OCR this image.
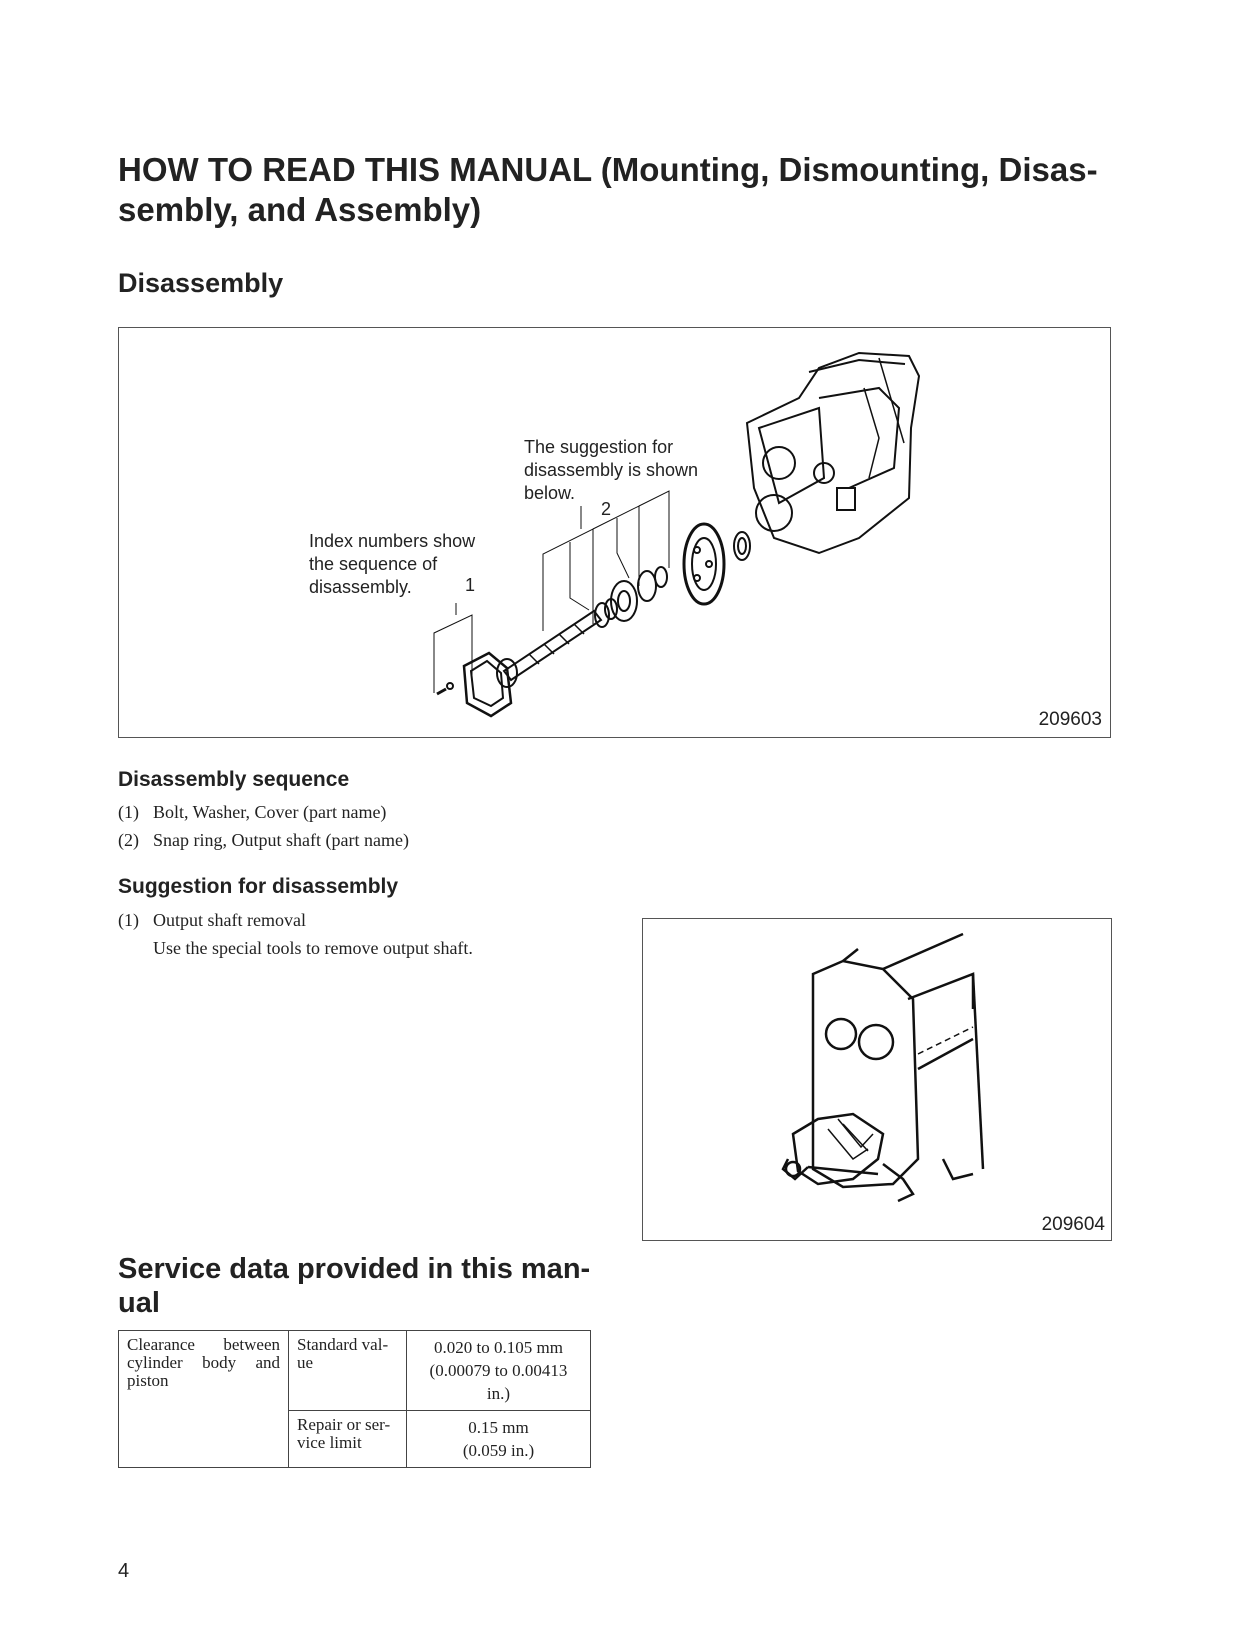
HOW TO READ THIS MANUAL (Mounting, Dismounting, Disas-
sembly, and Assembly)
Disassembly
The suggestion for
disassembly is shown
below.
Index numbers show
the sequence of
disassembly.	1
2
209603
Disassembly sequence
(1) Bolt, Washer, Cover (part name)
(2) Snap ring, Output shaft (part name)
Suggestion for disassembly
(1) Output shaft removal
Use the special tools to remove output shaft.
209604
Service data provided in this man-
ual
Clearance between cylinder body and piston	Standard val-
ue	0.020 to 0.105 mm
(0.00079 to 0.00413
in.)
	Repair or ser-
vice limit	0.15 mm
(0.059 in.)
4
